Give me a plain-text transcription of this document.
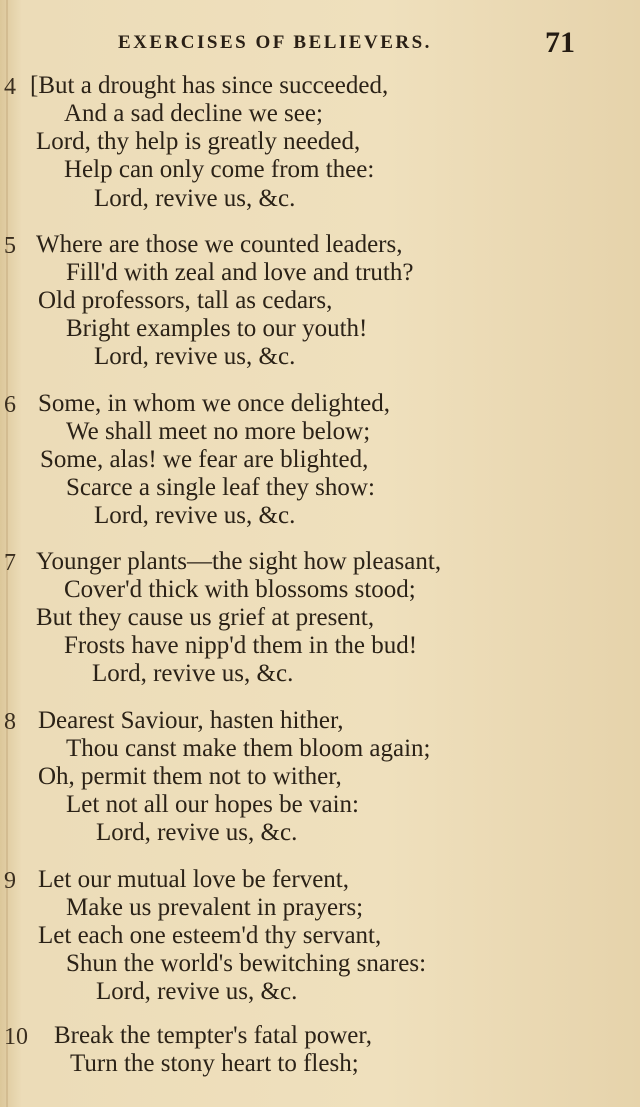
EXERCISES OF BELIEVERS.	71
4 [But a drought has since succeeded,
And a sad decline we see;
Lord, thy help is greatly needed,
Help can only come from thee:
Lord, revive us, &c.
5 Where are those we counted leaders,
Fill'd with zeal and love and truth?
Old professors, tall as cedars,
Bright examples to our youth!
Lord, revive us, &c.
6 Some, in whom we once delighted,
We shall meet no more below;
Some, alas! we fear are blighted,
Scarce a single leaf they show:
Lord, revive us, &c.
7 Younger plants—the sight how pleasant,
Cover'd thick with blossoms stood;
But they cause us grief at present,
Frosts have nipp'd them in the bud!
Lord, revive us, &c.
8 Dearest Saviour, hasten hither,
Thou canst make them bloom again;
Oh, permit them not to wither,
Let not all our hopes be vain:
Lord, revive us, &c.
9 Let our mutual love be fervent,
Make us prevalent in prayers;
Let each one esteem'd thy servant,
Shun the world's bewitching snares:
Lord, revive us, &c.
10 Break the tempter's fatal power,
Turn the stony heart to flesh;
